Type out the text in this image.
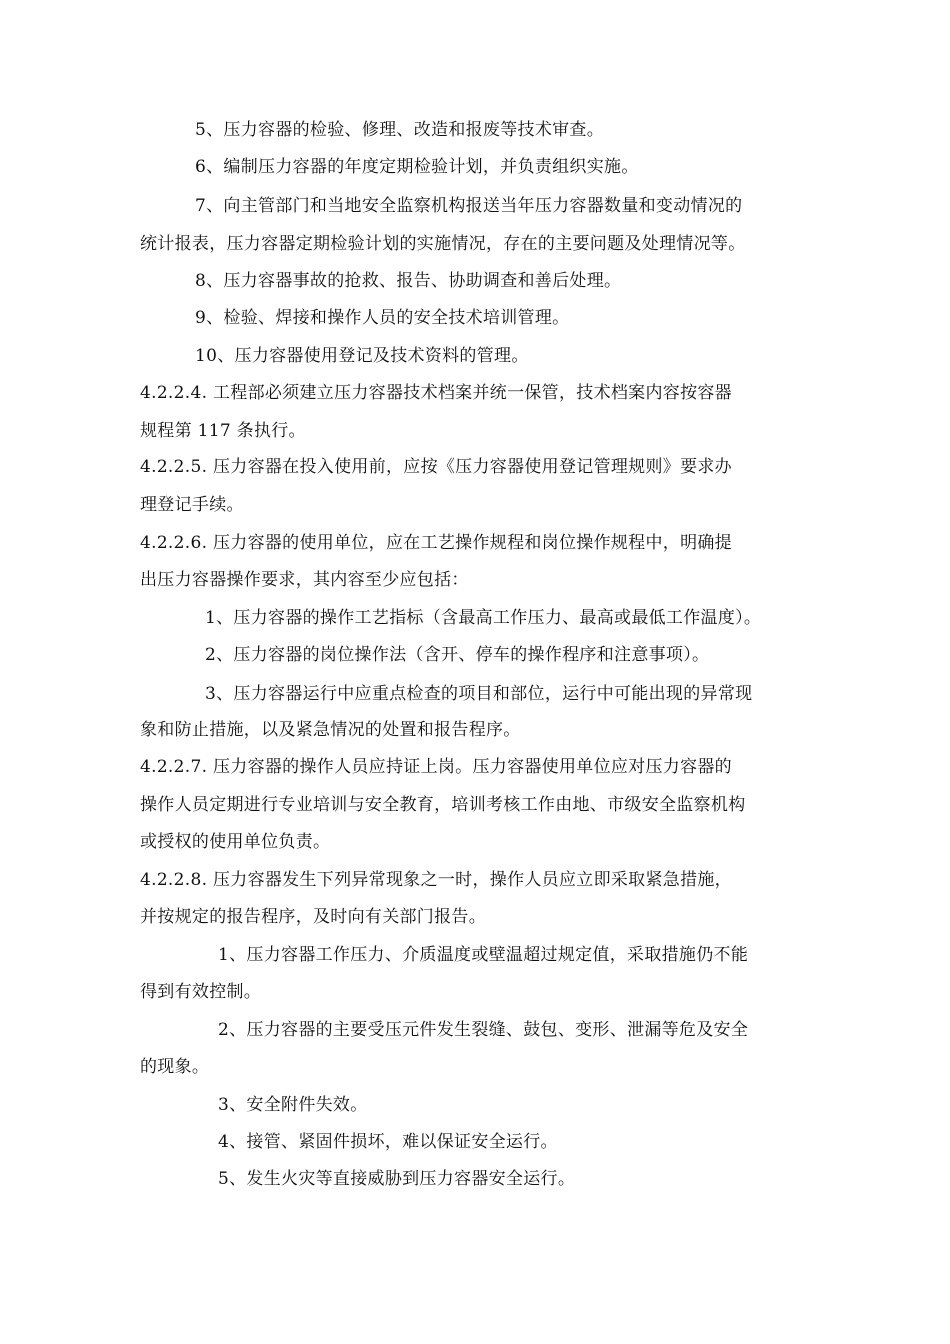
5、压力容器的检验、修理、改造和报废等技术审查。
6、编制压力容器的年度定期检验计划，并负责组织实施。
7、向主管部门和当地安全监察机构报送当年压力容器数量和变动情况的
统计报表，压力容器定期检验计划的实施情况，存在的主要问题及处理情况等。
8、压力容器事故的抢救、报告、协助调查和善后处理。
9、检验、焊接和操作人员的安全技术培训管理。
10、压力容器使用登记及技术资料的管理。
4.2.2.4. 工程部必须建立压力容器技术档案并统一保管，技术档案内容按容器
规程第 117 条执行。
4.2.2.5. 压力容器在投入使用前，应按《压力容器使用登记管理规则》要求办
理登记手续。
4.2.2.6. 压力容器的使用单位，应在工艺操作规程和岗位操作规程中，明确提
出压力容器操作要求，其内容至少应包括：
1、压力容器的操作工艺指标（含最高工作压力、最高或最低工作温度）。
2、压力容器的岗位操作法（含开、停车的操作程序和注意事项）。
3、压力容器运行中应重点检查的项目和部位，运行中可能出现的异常现
象和防止措施，以及紧急情况的处置和报告程序。
4.2.2.7. 压力容器的操作人员应持证上岗。压力容器使用单位应对压力容器的
操作人员定期进行专业培训与安全教育，培训考核工作由地、市级安全监察机构
或授权的使用单位负责。
4.2.2.8. 压力容器发生下列异常现象之一时，操作人员应立即采取紧急措施，
并按规定的报告程序，及时向有关部门报告。
1、压力容器工作压力、介质温度或壁温超过规定值，采取措施仍不能
得到有效控制。
2、压力容器的主要受压元件发生裂缝、鼓包、变形、泄漏等危及安全
的现象。
3、安全附件失效。
4、接管、紧固件损坏，难以保证安全运行。
5、发生火灾等直接威胁到压力容器安全运行。
